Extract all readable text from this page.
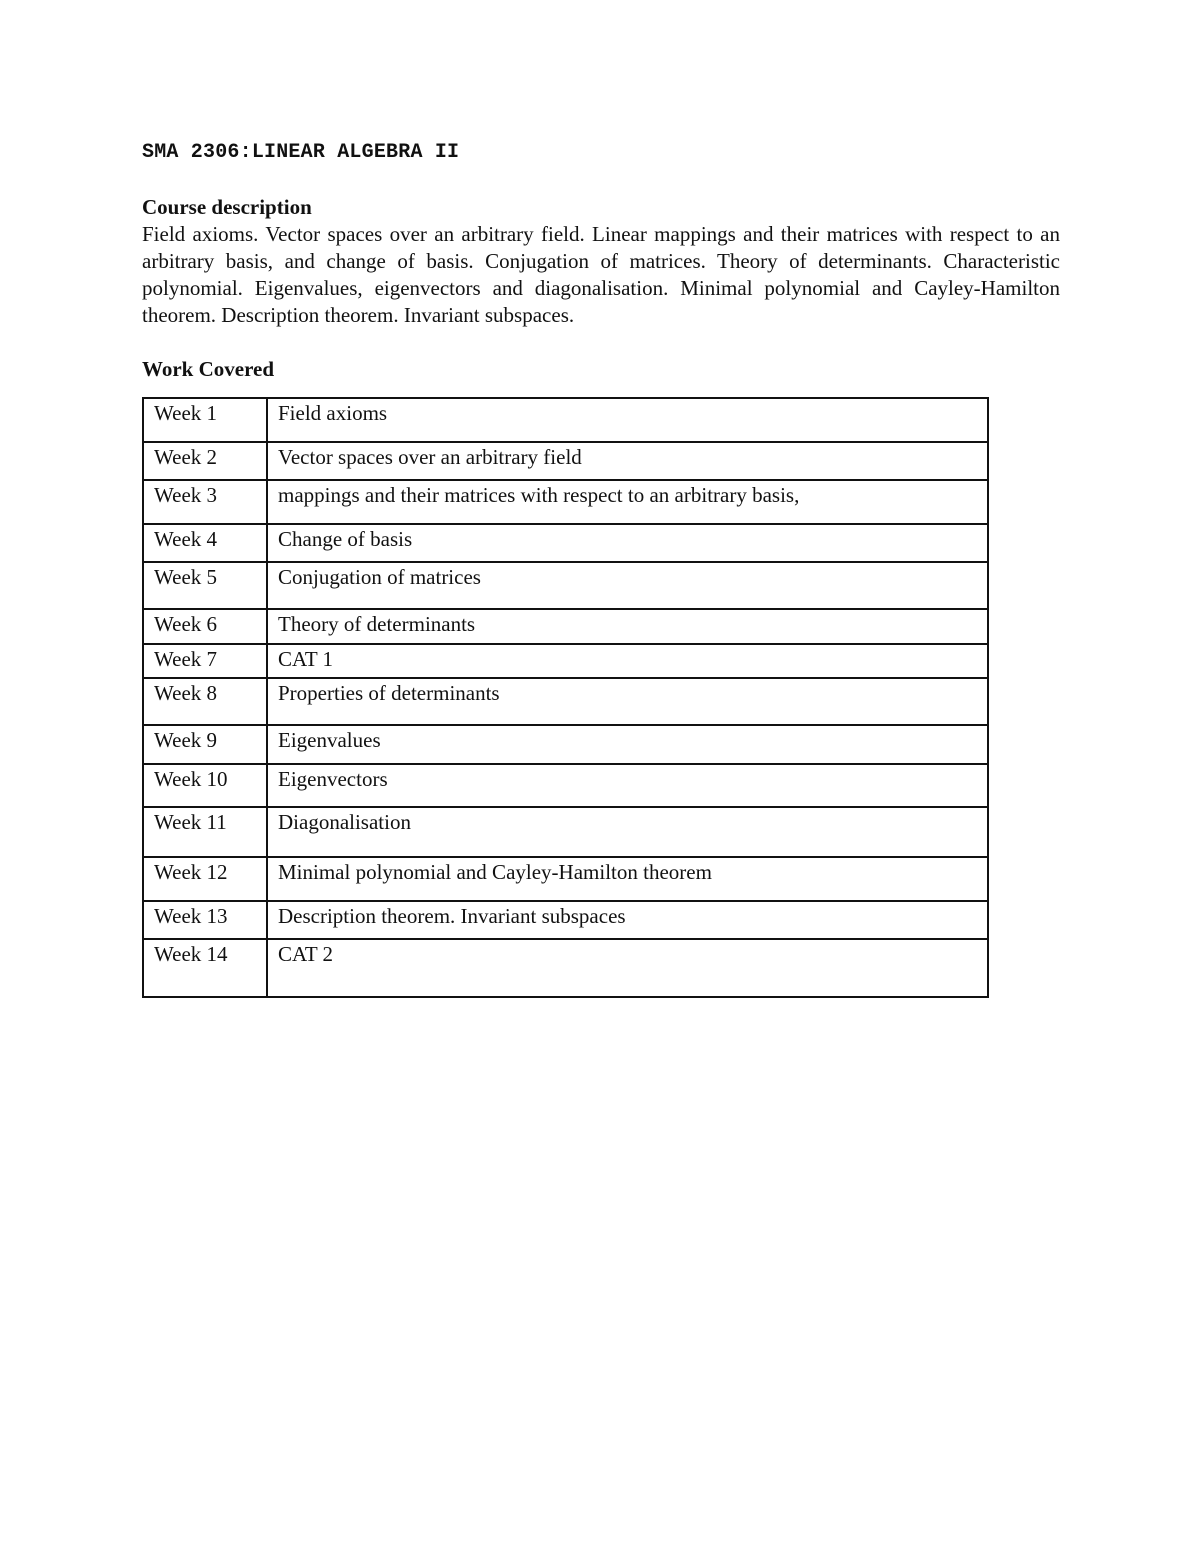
SMA 2306:LINEAR ALGEBRA II
Course description

Field axioms. Vector spaces over an arbitrary field. Linear mappings and their matrices with respect to an arbitrary basis, and change of basis. Conjugation of matrices. Theory of determinants. Characteristic polynomial. Eigenvalues, eigenvectors and diagonalisation. Minimal polynomial and Cayley-Hamilton theorem. Description theorem. Invariant subspaces.

Work Covered
Week 1	Field axioms
Week 2	Vector spaces over an arbitrary field
Week 3	mappings and their matrices with respect to an arbitrary basis,
Week 4	Change of basis
Week 5	Conjugation of matrices
Week 6	Theory of determinants
Week 7	CAT 1
Week 8	Properties of determinants
Week 9	Eigenvalues
Week 10	Eigenvectors
Week 11	Diagonalisation
Week 12	Minimal polynomial and Cayley-Hamilton theorem
Week 13	Description theorem. Invariant subspaces
Week 14	CAT 2
